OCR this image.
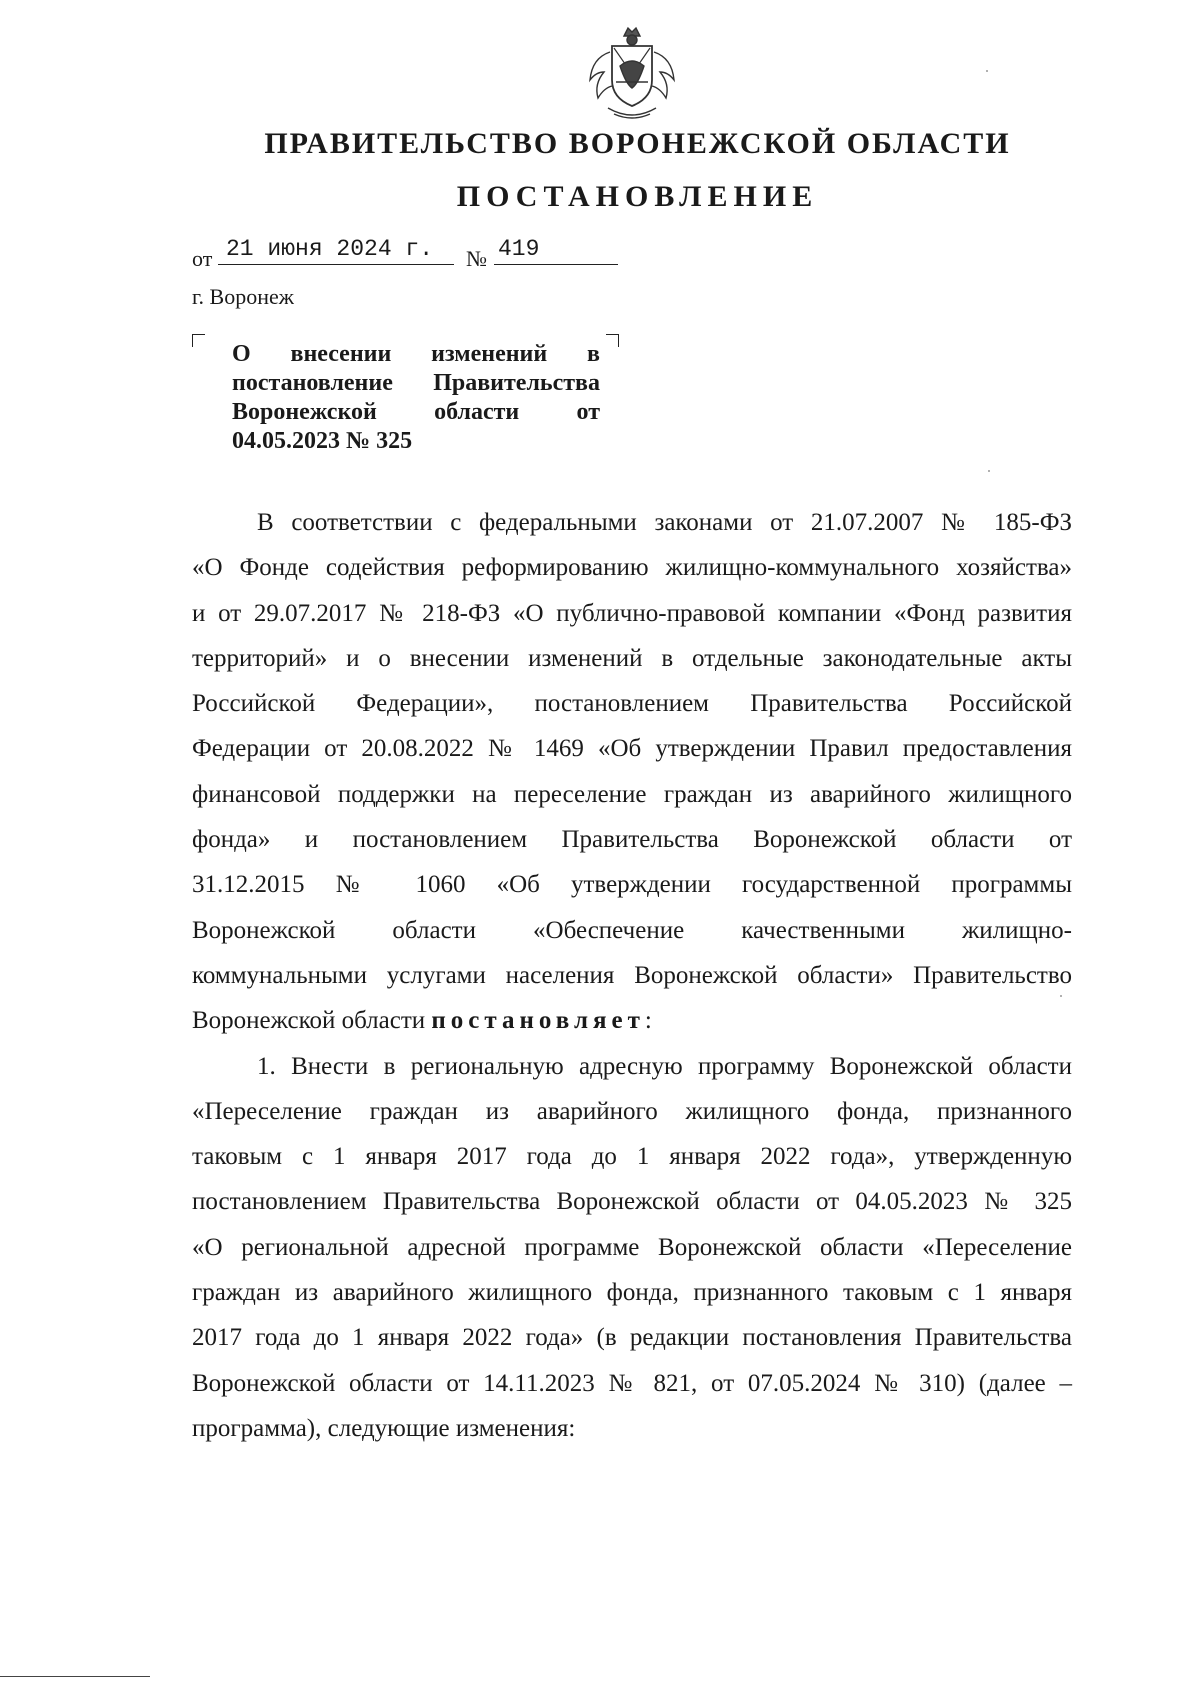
ПРАВИТЕЛЬСТВО ВОРОНЕЖСКОЙ ОБЛАСТИ
ПОСТАНОВЛЕНИЕ
от 21 июня 2024 г. № 419
г. Воронеж
О внесении изменений в
постановление Правительства
Воронежской области от
04.05.2023 № 325
В соответствии с федеральными законами от 21.07.2007 № 185-ФЗ
«О Фонде содействия реформированию жилищно-коммунального хозяйства»
и от 29.07.2017 № 218-ФЗ «О публично-правовой компании «Фонд развития
территорий» и о внесении изменений в отдельные законодательные акты
Российской Федерации», постановлением Правительства Российской
Федерации от 20.08.2022 № 1469 «Об утверждении Правил предоставления
финансовой поддержки на переселение граждан из аварийного жилищного
фонда» и постановлением Правительства Воронежской области от
31.12.2015 № 1060 «Об утверждении государственной программы
Воронежской области «Обеспечение качественными жилищно-
коммунальными услугами населения Воронежской области» Правительство
Воронежской области постановляет:
1. Внести в региональную адресную программу Воронежской области
«Переселение граждан из аварийного жилищного фонда, признанного
таковым с 1 января 2017 года до 1 января 2022 года», утвержденную
постановлением Правительства Воронежской области от 04.05.2023 № 325
«О региональной адресной программе Воронежской области «Переселение
граждан из аварийного жилищного фонда, признанного таковым с 1 января
2017 года до 1 января 2022 года» (в редакции постановления Правительства
Воронежской области от 14.11.2023 № 821, от 07.05.2024 № 310) (далее –
программа), следующие изменения:
